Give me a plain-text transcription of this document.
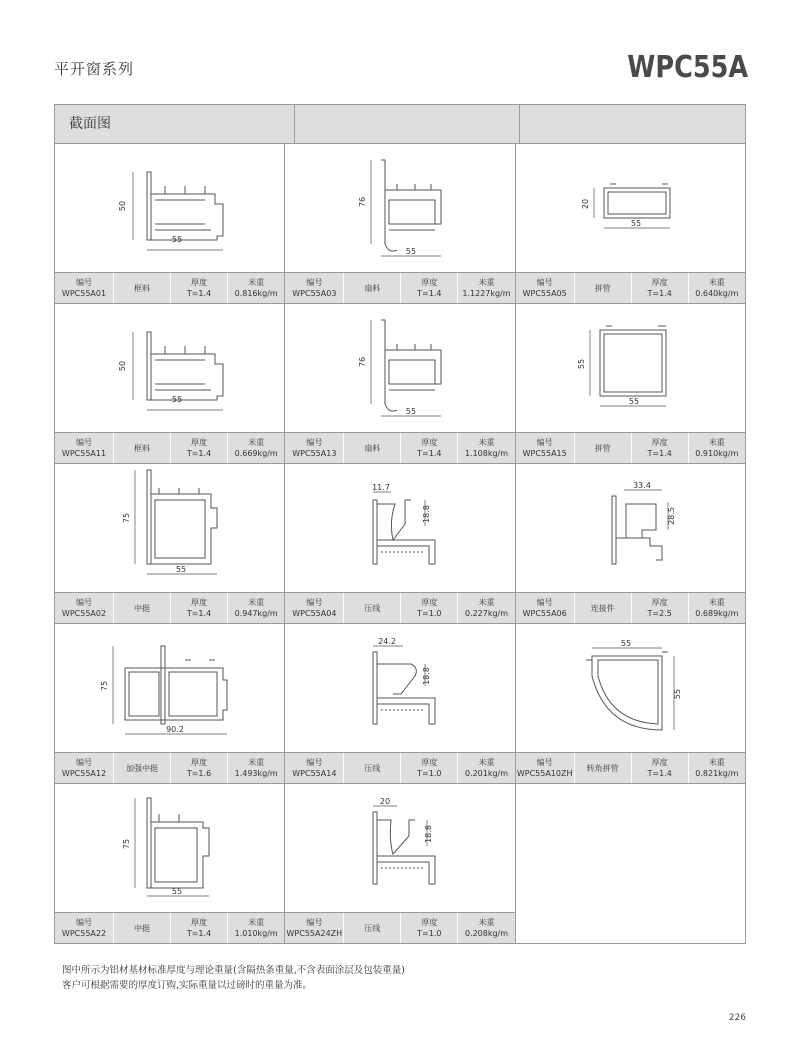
平开窗系列	WPC55A
截面图
50
55
编号
WPC55A01
框料
厚度
T=1.4
米重
0.816kg/m
76
55
编号
WPC55A03
扇料
厚度
T=1.4
米重
1.1227kg/m
20
55
编号
WPC55A05
拼管
厚度
T=1.4
米重
0.640kg/m
50
55
编号
WPC55A11
框料
厚度
T=1.4
米重
0.669kg/m
76
55
编号
WPC55A13
扇料
厚度
T=1.4
米重
1.108kg/m
55
55
编号
WPC55A15
拼管
厚度
T=1.4
米重
0.910kg/m
75
55
编号
WPC55A02
中挺
厚度
T=1.4
米重
0.947kg/m
11.7
18.8
编号
WPC55A04
压线
厚度
T=1.0
米重
0.227kg/m
33.4
28.5
编号
WPC55A06
连接件
厚度
T=2.5
米重
0.689kg/m
75
90.2
编号
WPC55A12
加强中挺
厚度
T=1.6
米重
1.493kg/m
24.2
18.8
编号
WPC55A14
压线
厚度
T=1.0
米重
0.201kg/m
55
55
编号
WPC55A10ZH
转角拼管
厚度
T=1.4
米重
0.821kg/m
75
55
编号
WPC55A22
中挺
厚度
T=1.4
米重
1.010kg/m
20
18.8
编号
WPC55A24ZH
压线
厚度
T=1.0
米重
0.208kg/m
图中所示为铝材基材标准厚度与理论重量(含隔热条重量,不含表面涂层及包装重量)
客户可根据需要的厚度订购,实际重量以过磅时的重量为准。
226
